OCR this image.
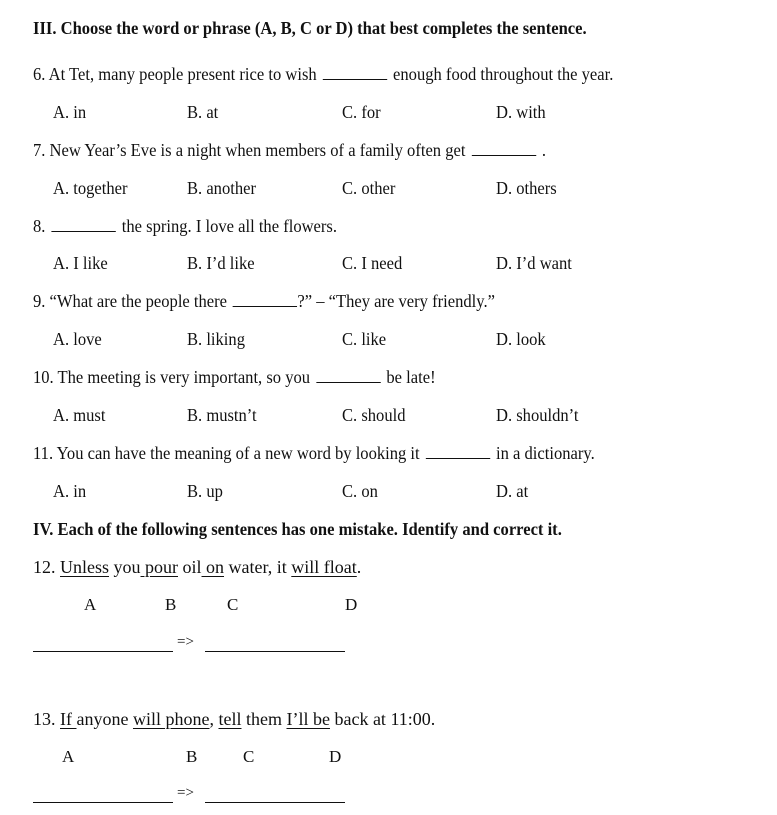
III. Choose the word or phrase (A, B, C or D) that best completes the sentence.
6. At Tet, many people present rice to wish	enough food throughout the year.
A. in	B. at	C. for	D. with
7. New Year’s Eve is a night when members of a family often get	.
A. together	B. another	C. other	D. others
8.	the spring. I love all the flowers.
A. I like	B. I’d like	C. I need	D. I’d want
9. “What are the people there	?” – “They are very friendly.”
A. love	B. liking	C. like	D. look
10. The meeting is very important, so you	be late!
A. must	B. mustn’t	C. should	D. shouldn’t
11. You can have the meaning of a new word by looking it	in a dictionary.
A. in	B. up	C. on	D. at
IV. Each of the following sentences has one mistake. Identify and correct it.
12. Unless you pour oil on water, it will float.
A	B	C	D
=>
13. If anyone will phone, tell them I’ll be back at 11:00.
A	B	C	D
=>
